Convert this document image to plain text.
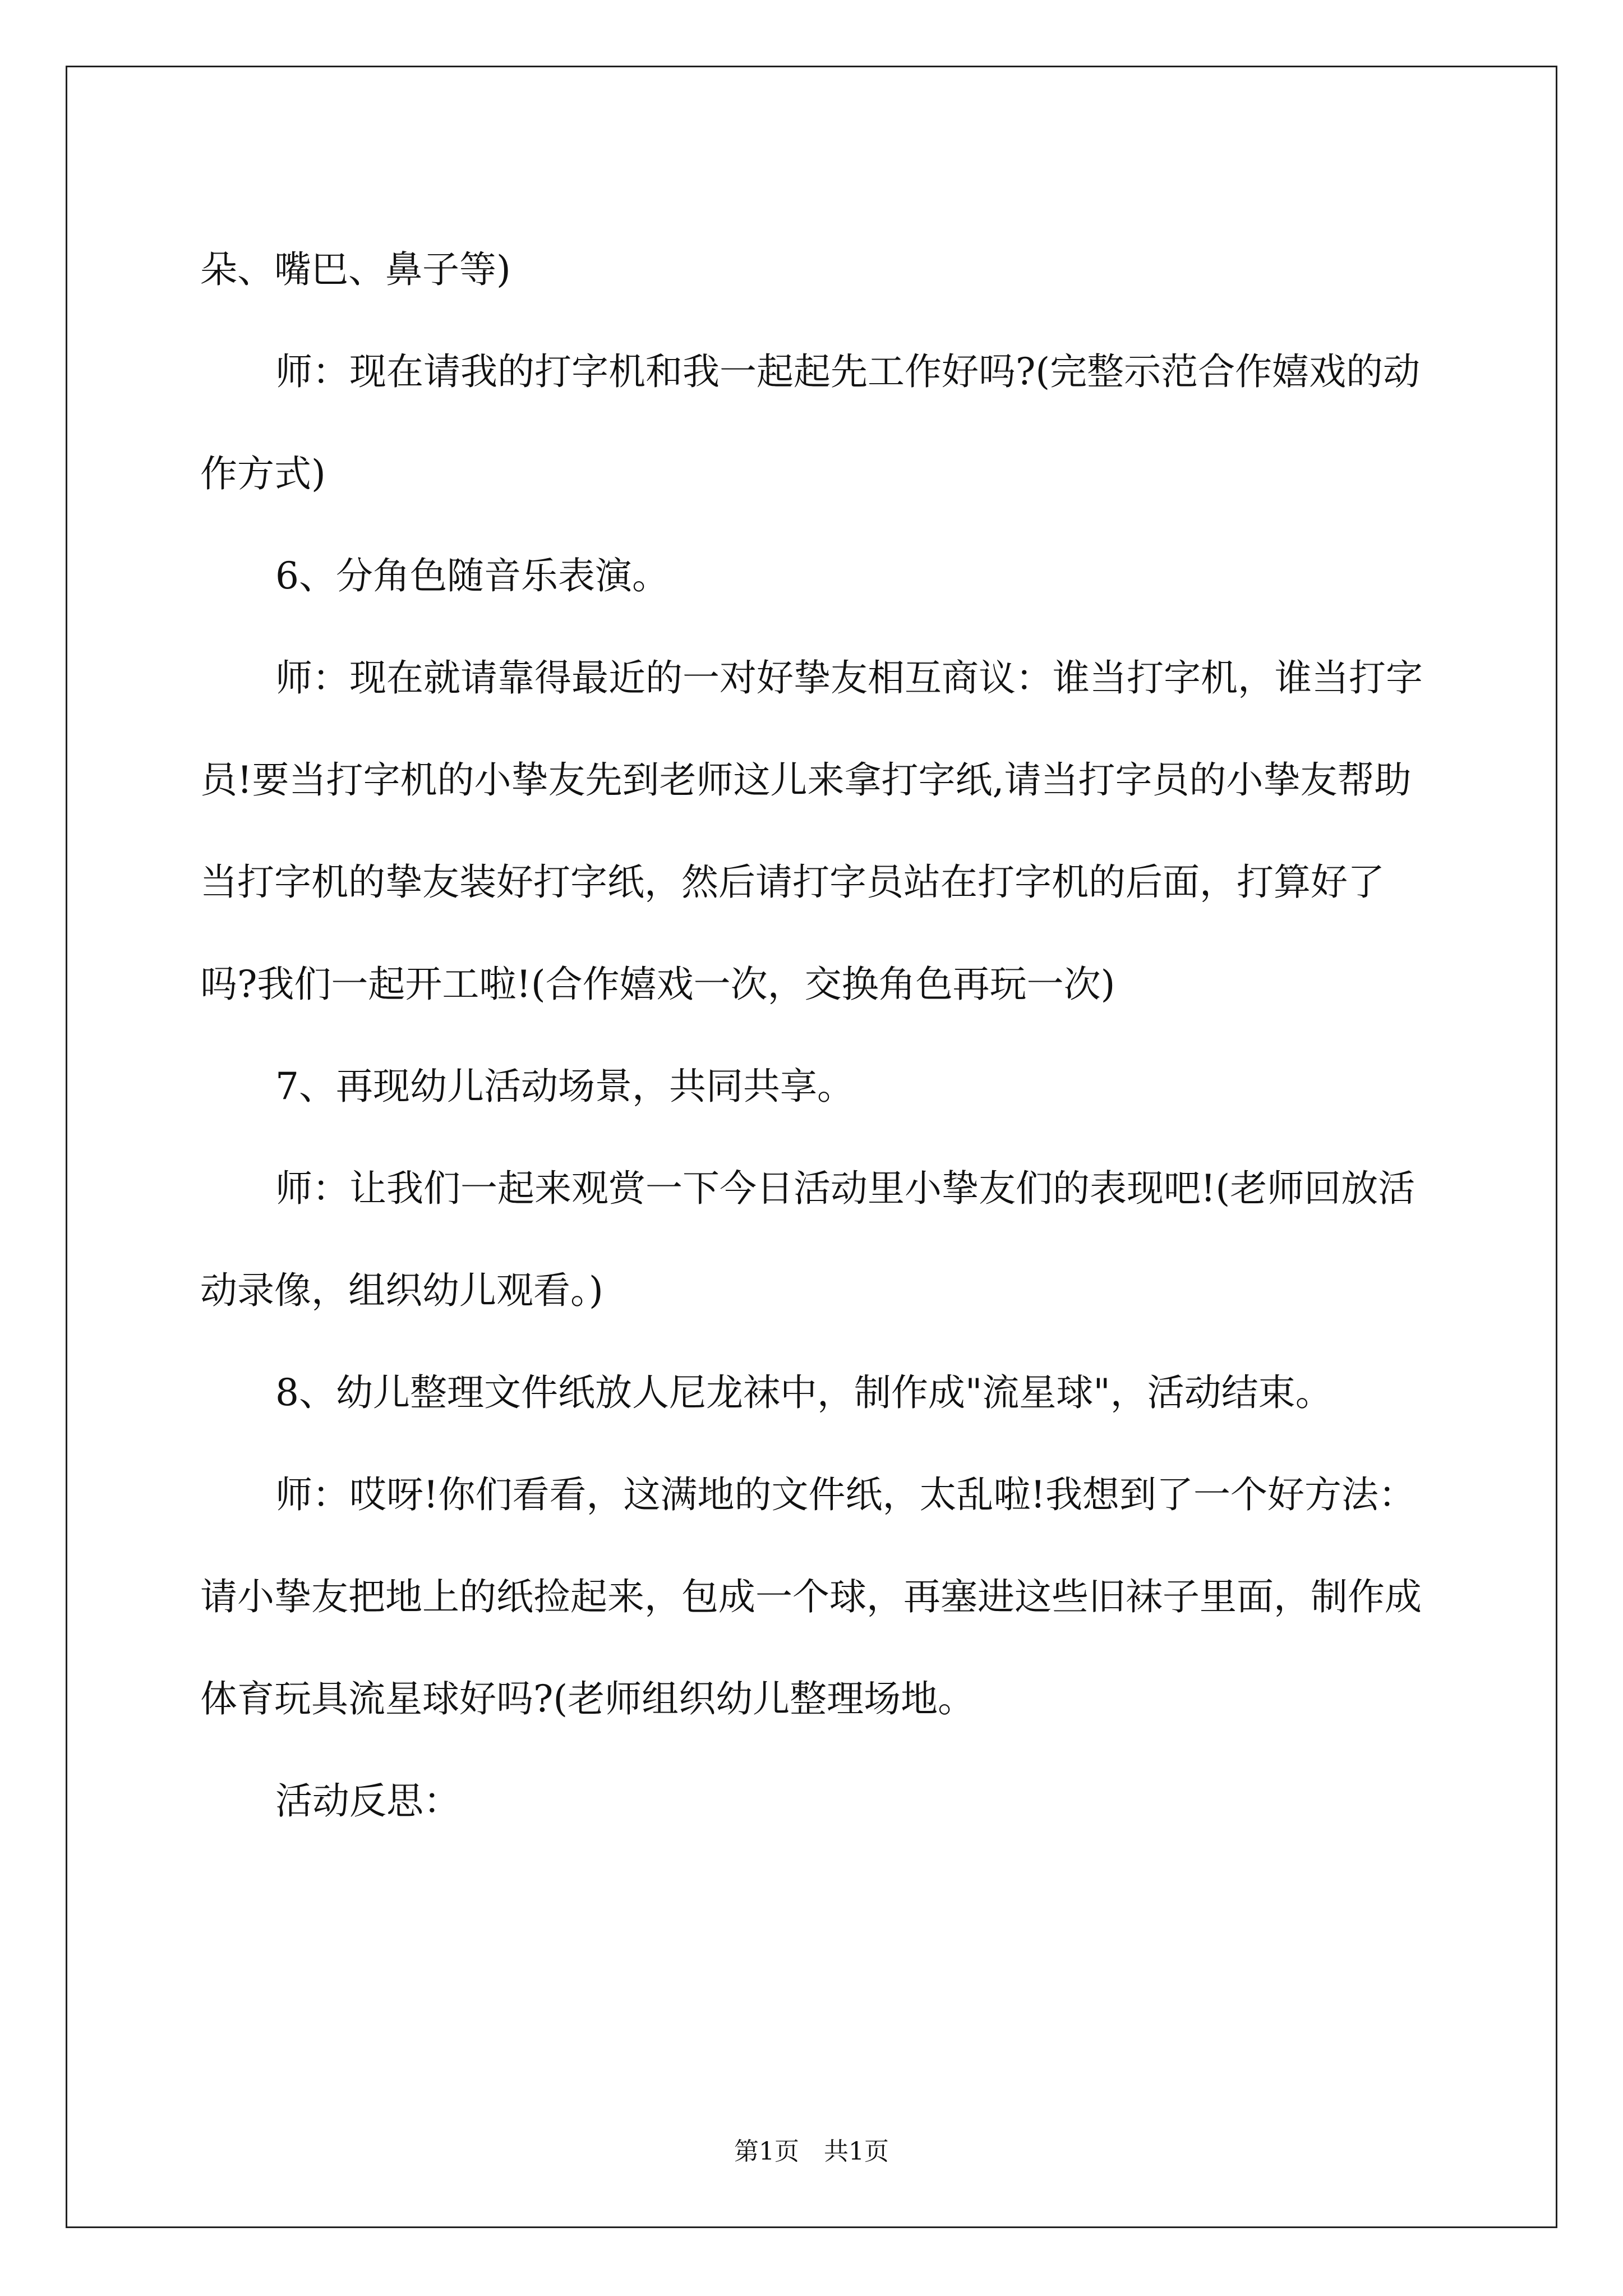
朵、嘴巴、鼻子等)

师：现在请我的打字机和我一起起先工作好吗?(完整示范合作嬉戏的动作方式)

6、分角色随音乐表演。

师：现在就请靠得最近的一对好挚友相互商议：谁当打字机，谁当打字员!要当打字机的小挚友先到老师这儿来拿打字纸,请当打字员的小挚友帮助当打字机的挚友装好打字纸，然后请打字员站在打字机的后面，打算好了吗?我们一起开工啦!(合作嬉戏一次，交换角色再玩一次)

7、再现幼儿活动场景，共同共享。

师：让我们一起来观赏一下今日活动里小挚友们的表现吧!(老师回放活动录像，组织幼儿观看。)

8、幼儿整理文件纸放人尼龙袜中，制作成"流星球"，活动结束。

师：哎呀!你们看看，这满地的文件纸，太乱啦!我想到了一个好方法：请小挚友把地上的纸捡起来，包成一个球，再塞进这些旧袜子里面，制作成体育玩具流星球好吗?(老师组织幼儿整理场地。

活动反思：

第1页　共1页
